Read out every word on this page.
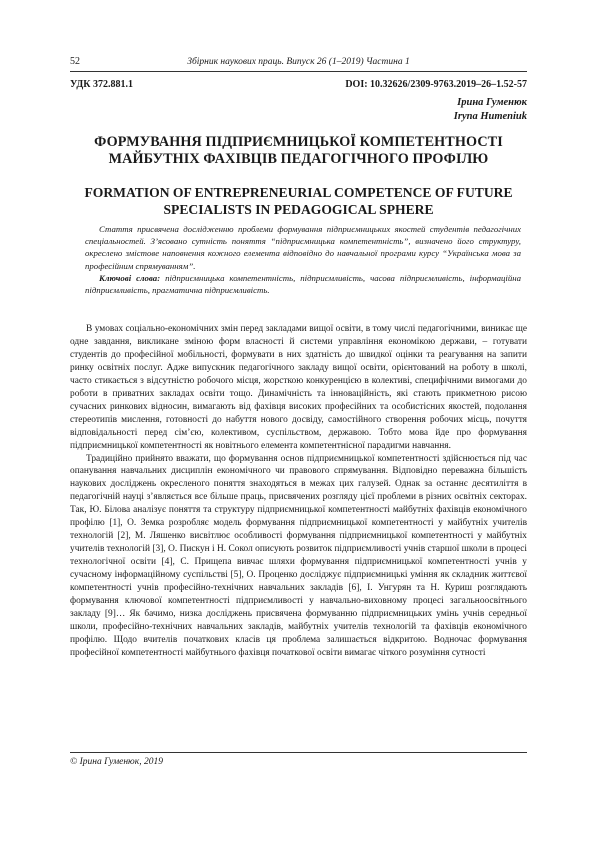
52	Збірник наукових праць. Випуск 26 (1–2019) Частина 1
УДК 372.881.1	DOI: 10.32626/2309-9763.2019–26–1.52-57
Ірина Гуменюк
Iryna Humeniuk
ФОРМУВАННЯ ПІДПРИЄМНИЦЬКОЇ КОМПЕТЕНТНОСТІ МАЙБУТНІХ ФАХІВЦІВ ПЕДАГОГІЧНОГО ПРОФІЛЮ
FORMATION OF ENTREPRENEURIAL COMPETENCE OF FUTURE SPECIALISTS IN PEDAGOGICAL SPHERE

Стаття присвячена дослідженню проблеми формування підприємницьких якостей студентів педагогічних спеціальностей. З’ясовано сутність поняття “підприємницька компетентність”, визначено його структуру, окреслено змістове наповнення кожного елемента відповідно до навчальної програми курсу “Українська мова за професійним спрямуванням”.

Ключові слова: підприємницька компетентність, підприємливість, часова підприємливість, інформаційна підприємливість, прагматична підприємливість.

В умовах соціально-економічних змін перед закладами вищої освіти, в тому числі педагогічними, виникає ще одне завдання, викликане зміною форм власності й системи управління економікою держави, – готувати студентів до професійної мобільності, формувати в них здатність до швидкої оцінки та реагування на запити ринку освітніх послуг. Адже випускник педагогічного закладу вищої освіти, орієнтований на роботу в школі, часто стикається з відсутністю робочого місця, жорсткою конкуренцією в колективі, специфічними вимогами до роботи в приватних закладах освіти тощо. Динамічність та інноваційність, які стають прикметною рисою сучасних ринкових відносин, вимагають від фахівця високих професійних та особистісних якостей, подолання стереотипів мислення, готовності до набуття нового досвіду, самостійного створення робочих місць, почуття відповідальності перед сім’єю, колективом, суспільством, державою. Тобто мова йде про формування підприємницької компетентності як новітнього елемента компетентнісної парадигми навчання.

Традиційно прийнято вважати, що формування основ підприємницької компетентності здійснюється під час опанування навчальних дисциплін економічного чи правового спрямування. Відповідно переважна більшість наукових досліджень окресленого поняття знаходяться в межах цих галузей. Однак за останнє десятиліття в педагогічній науці з’являється все більше праць, присвячених розгляду цієї проблеми в різних освітніх секторах. Так, Ю. Білова аналізує поняття та структуру підприємницької компетентності майбутніх фахівців економічного профілю [1], О. Земка розробляє модель формування підприємницької компетентності у майбутніх учителів технологій [2], М. Ляшенко висвітлює особливості формування підприємницької компетентності у майбутніх учителів технологій [3], О. Пискун і Н. Сокол описують розвиток підприємливості учнів старшої школи в процесі технологічної освіти [4], С. Прищепа вивчає шляхи формування підприємницької компетентності учнів у сучасному інформаційному суспільстві [5], О. Проценко досліджує підприємницькі уміння як складник життєвої компетентності учнів професійно-технічних навчальних закладів [6], І. Унгурян та Н. Куриш розглядають формування ключової компетентності підприємливості у навчально-виховному процесі загальноосвітнього закладу [9]… Як бачимо, низка досліджень присвячена формуванню підприємницьких умінь учнів середньої школи, професійно-технічних навчальних закладів, майбутніх учителів технологій та фахівців економічного профілю. Щодо вчителів початкових класів ця проблема залишається відкритою. Водночас формування професійної компетентності майбутнього фахівця початкової освіти вимагає чіткого розуміння сутності

© Ірина Гуменюк, 2019
